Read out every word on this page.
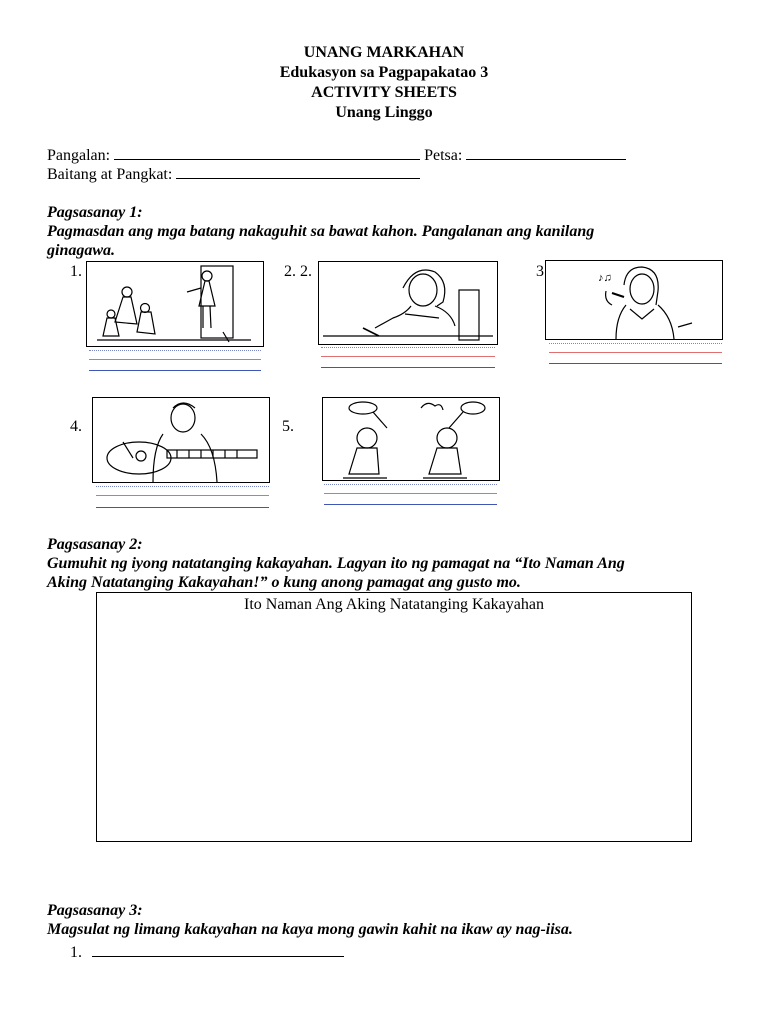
UNANG MARKAHAN
Edukasyon sa Pagpapakatao 3
ACTIVITY SHEETS
Unang Linggo
Pangalan:	Petsa:
Baitang at Pangkat:
Pagsasanay 1:
Pagmasdan ang mga batang nakaguhit sa bawat kahon. Pangalanan ang kanilang
ginagawa.
1.	2. 2.	3	♪♫
4.	5.
Pagsasanay 2:
Gumuhit ng iyong natatanging kakayahan. Lagyan ito ng pamagat na “Ito Naman Ang
Aking Natatanging Kakayahan!” o kung anong pamagat ang gusto mo.
Ito Naman Ang Aking Natatanging Kakayahan
Pagsasanay 3:
Magsulat ng limang kakayahan na kaya mong gawin kahit na ikaw ay nag-iisa.
1.
